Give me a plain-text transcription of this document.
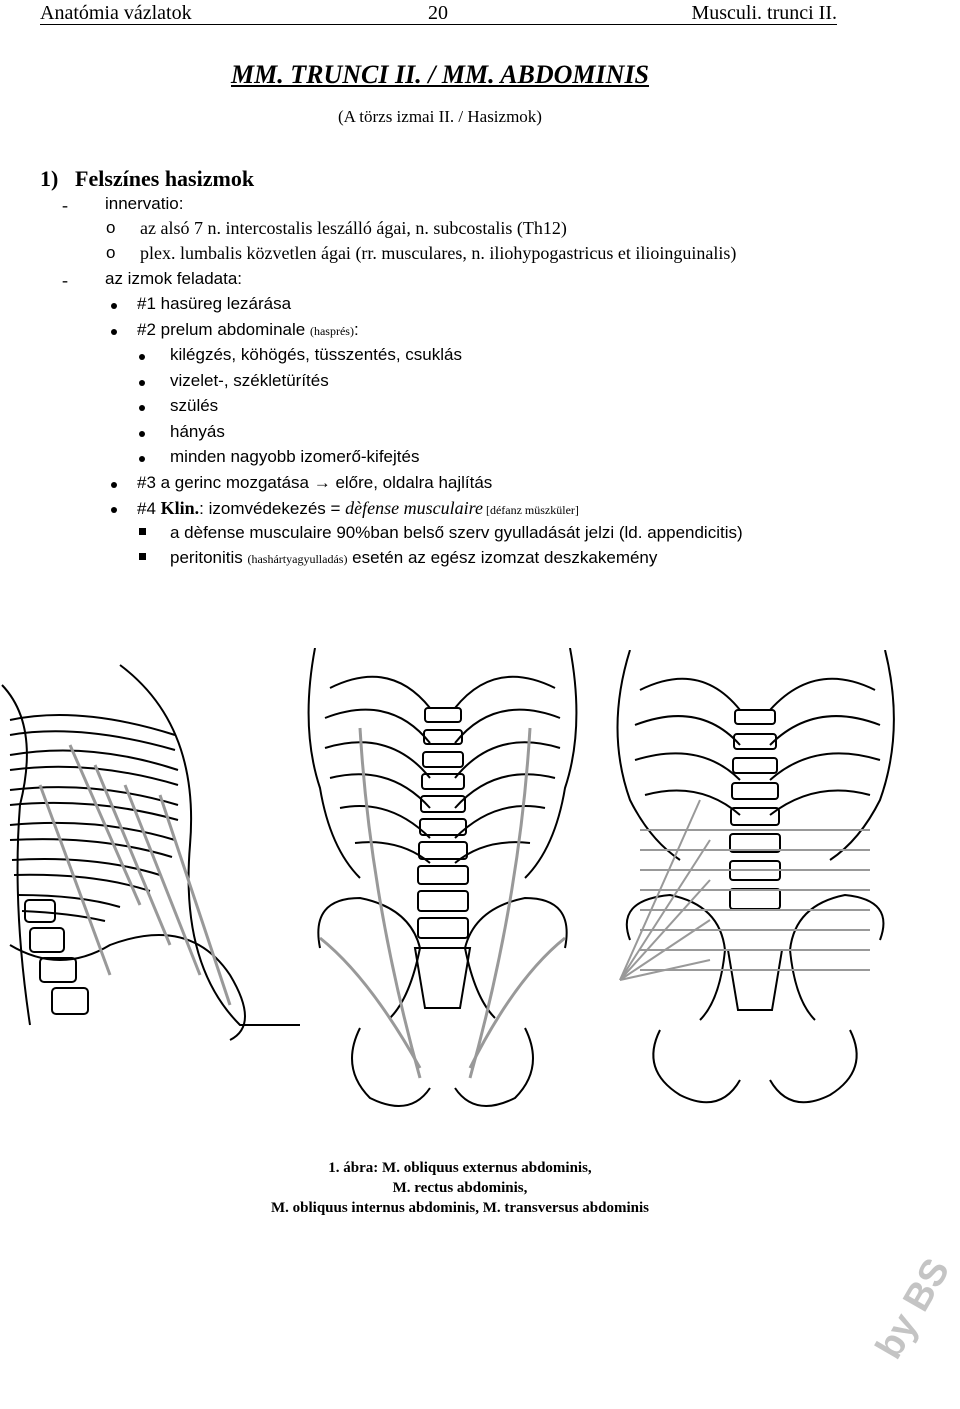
Anatómia vázlatok	20	Musculi. trunci II.
MM. TRUNCI II. / MM. ABDOMINIS
(A törzs izmai II. / Hasizmok)
1) Felszínes hasizmok
- innervatio:
o az alsó 7 n. intercostalis leszálló ágai, n. subcostalis (Th12)
o plex. lumbalis közvetlen ágai (rr. musculares, n. iliohypogastricus et ilioinguinalis)
- az izmok feladata:
#1 hasüreg lezárása
#2 prelum abdominale (hasprés):
kilégzés, köhögés, tüsszentés, csuklás
vizelet-, székletürítés
szülés
hányás
minden nagyobb izomerő-kifejtés
#3 a gerinc mozgatása → előre, oldalra hajlítás
#4 Klin.: izomvédekezés = dèfense musculaire [défanz müszküler]
a dèfense musculaire 90%ban belső szerv gyulladását jelzi (ld. appendicitis)
peritonitis (hashártyagyulladás) esetén az egész izomzat deszkakemény
1. ábra: M. obliquus externus abdominis,
M. rectus abdominis,
M. obliquus internus abdominis, M. transversus abdominis
by BS
